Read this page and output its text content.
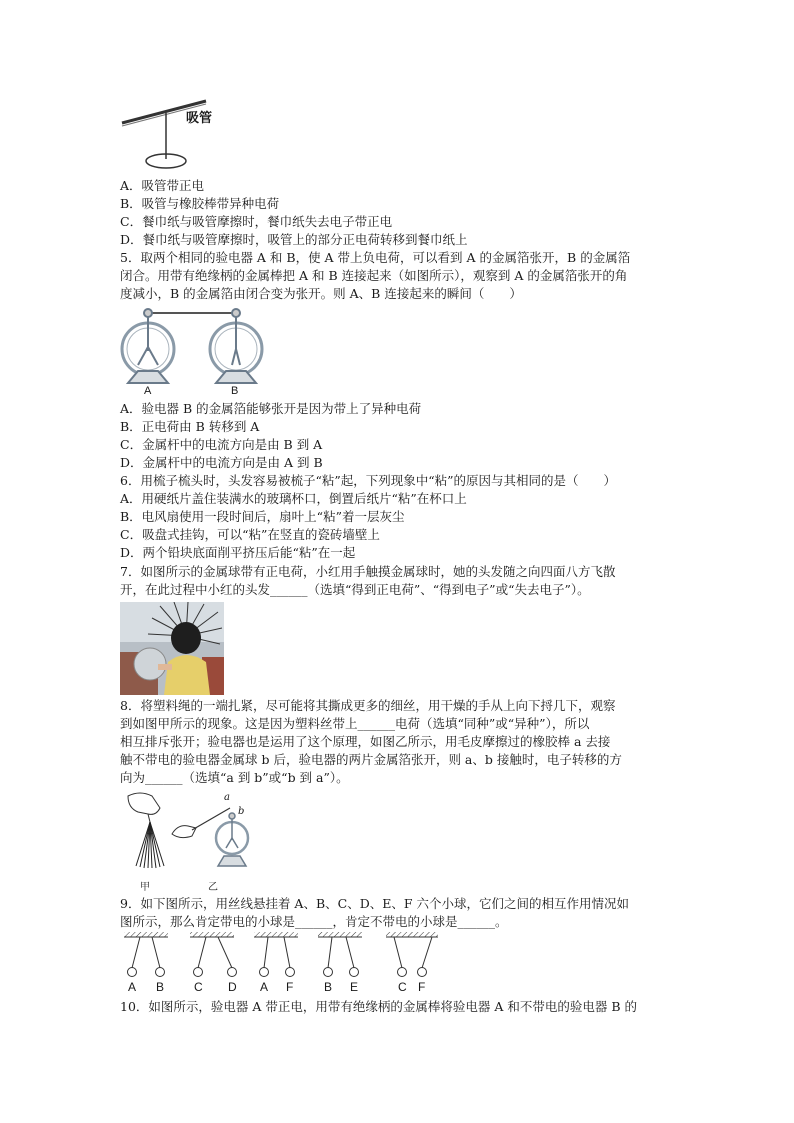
吸管
A．吸管带正电
B．吸管与橡胶棒带异种电荷
C．餐巾纸与吸管摩擦时，餐巾纸失去电子带正电
D．餐巾纸与吸管摩擦时，吸管上的部分正电荷转移到餐巾纸上
5．取两个相同的验电器 A 和 B，使 A 带上负电荷，可以看到 A 的金属箔张开，B 的金属箔
闭合。用带有绝缘柄的金属棒把 A 和 B 连接起来（如图所示），观察到 A 的金属箔张开的角
度减小，B 的金属箔由闭合变为张开。则 A、B 连接起来的瞬间（　　）
A	B
A．验电器 B 的金属箔能够张开是因为带上了异种电荷
B．正电荷由 B 转移到 A
C．金属杆中的电流方向是由 B 到 A
D．金属杆中的电流方向是由 A 到 B
6．用梳子梳头时，头发容易被梳子“粘”起，下列现象中“粘”的原因与其相同的是（　　）
A．用硬纸片盖住装满水的玻璃杯口，倒置后纸片“粘”在杯口上
B．电风扇使用一段时间后，扇叶上“粘”着一层灰尘
C．吸盘式挂钩，可以“粘”在竖直的瓷砖墙壁上
D．两个铅块底面削平挤压后能“粘”在一起
7．如图所示的金属球带有正电荷，小红用手触摸金属球时，她的头发随之向四面八方飞散
开，在此过程中小红的头发______（选填“得到正电荷”、“得到电子”或“失去电子”）。
8．将塑料绳的一端扎紧，尽可能将其撕成更多的细丝，用干燥的手从上向下捋几下，观察
到如图甲所示的现象。这是因为塑料丝带上______电荷（选填“同种”或“异种”），所以
相互排斥张开；验电器也是运用了这个原理，如图乙所示，用毛皮摩擦过的橡胶棒 a 去接
触不带电的验电器金属球 b 后，验电器的两片金属箔张开，则 a、b 接触时，电子转移的方
向为______（选填“a 到 b”或“b 到 a”）。
甲
a
b
乙
9．如下图所示，用丝线悬挂着 A、B、C、D、E、F 六个小球，它们之间的相互作用情况如
图所示，那么肯定带电的小球是______，肯定不带电的小球是______。
A B C D A F	B E	C F
10．如图所示，验电器 A 带正电，用带有绝缘柄的金属棒将验电器 A 和不带电的验电器 B 的
